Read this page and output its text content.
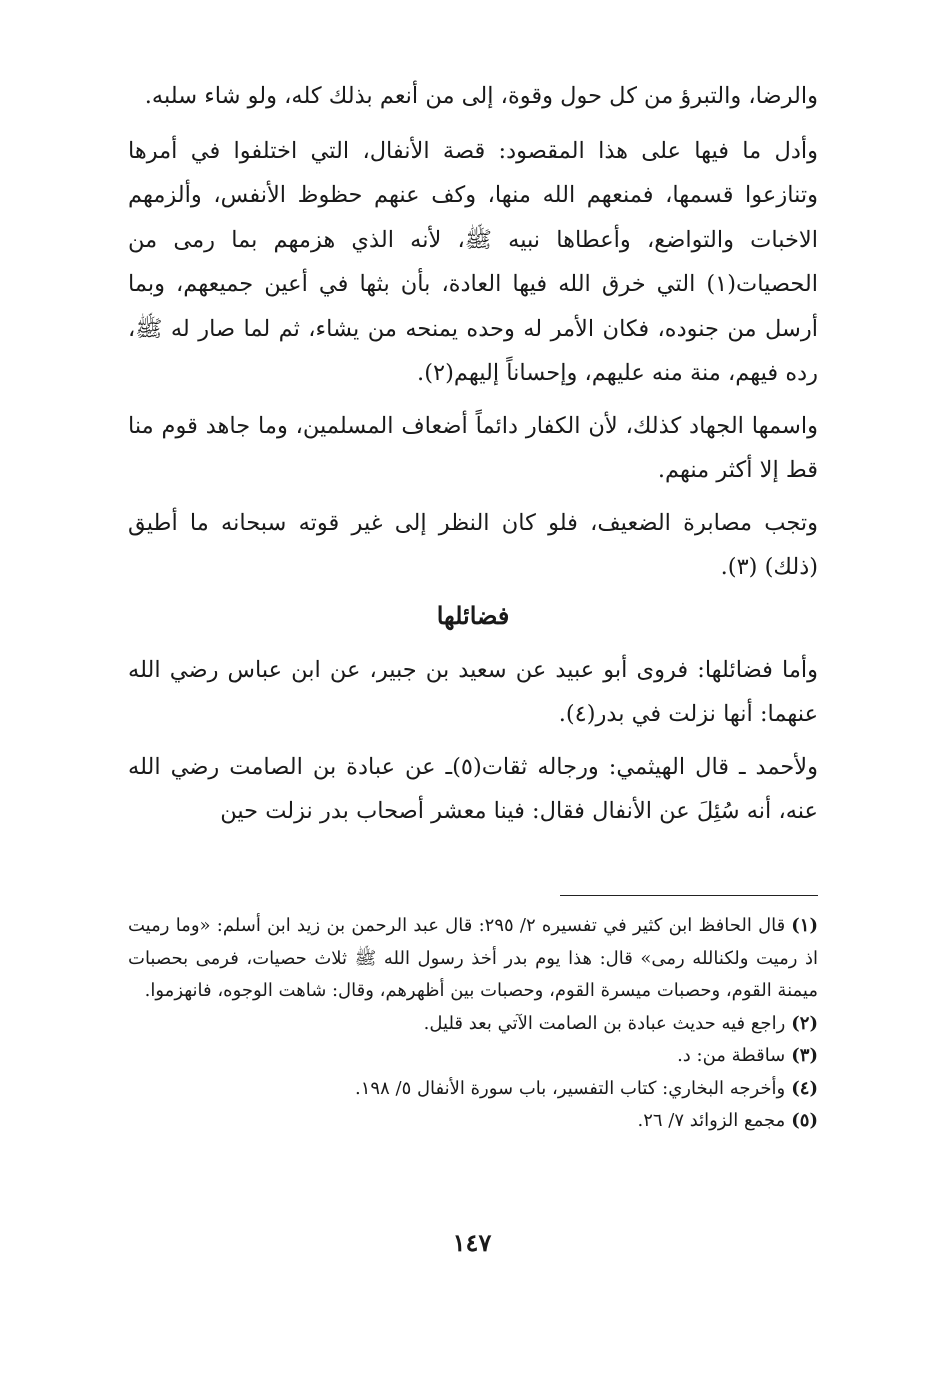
والرضا، والتبرؤ من كل حول وقوة، إلى من أنعم بذلك كله، ولو شاء سلبه.

وأدل ما فيها على هذا المقصود: قصة الأنفال، التي اختلفوا في أمرها وتنازعوا قسمها، فمنعهم الله منها، وكف عنهم حظوظ الأنفس، وألزمهم الاخبات والتواضع، وأعطاها نبيه ﷺ، لأنه الذي هزمهم بما رمى من الحصيات(١) التي خرق الله فيها العادة، بأن بثها في أعين جميعهم، وبما أرسل من جنوده، فكان الأمر له وحده يمنحه من يشاء، ثم لما صار له ﷺ، رده فيهم، منة منه عليهم، وإحساناً إليهم(٢).

واسمها الجهاد كذلك، لأن الكفار دائماً أضعاف المسلمين، وما جاهد قوم منا قط إلا أكثر منهم.

وتجب مصابرة الضعيف، فلو كان النظر إلى غير قوته سبحانه ما أطيق (ذلك) (٣).

فضائلها

وأما فضائلها: فروى أبو عبيد عن سعيد بن جبير، عن ابن عباس رضي الله عنهما: أنها نزلت في بدر(٤).

ولأحمد ـ قال الهيثمي: ورجاله ثقات(٥)ـ عن عبادة بن الصامت رضي الله عنه، أنه سُئِلَ عن الأنفال فقال: فينا معشر أصحاب بدر نزلت حين

(١)قال الحافظ ابن كثير في تفسيره ٢/ ٢٩٥: قال عبد الرحمن بن زيد ابن أسلم: «وما رميت اذ رميت ولكنالله رمى» قال: هذا يوم بدر أخذ رسول الله ﷺ ثلاث حصيات، فرمى بحصبات ميمنة القوم، وحصبات ميسرة القوم، وحصبات بين أظهرهم، وقال: شاهت الوجوه، فانهزموا.

(٢)راجع فيه حديث عبادة بن الصامت الآتي بعد قليل.

(٣)ساقطة من: د.

(٤)وأخرجه البخاري: كتاب التفسير، باب سورة الأنفال ٥/ ١٩٨.

(٥)مجمع الزوائد ٧/ ٢٦.

١٤٧
